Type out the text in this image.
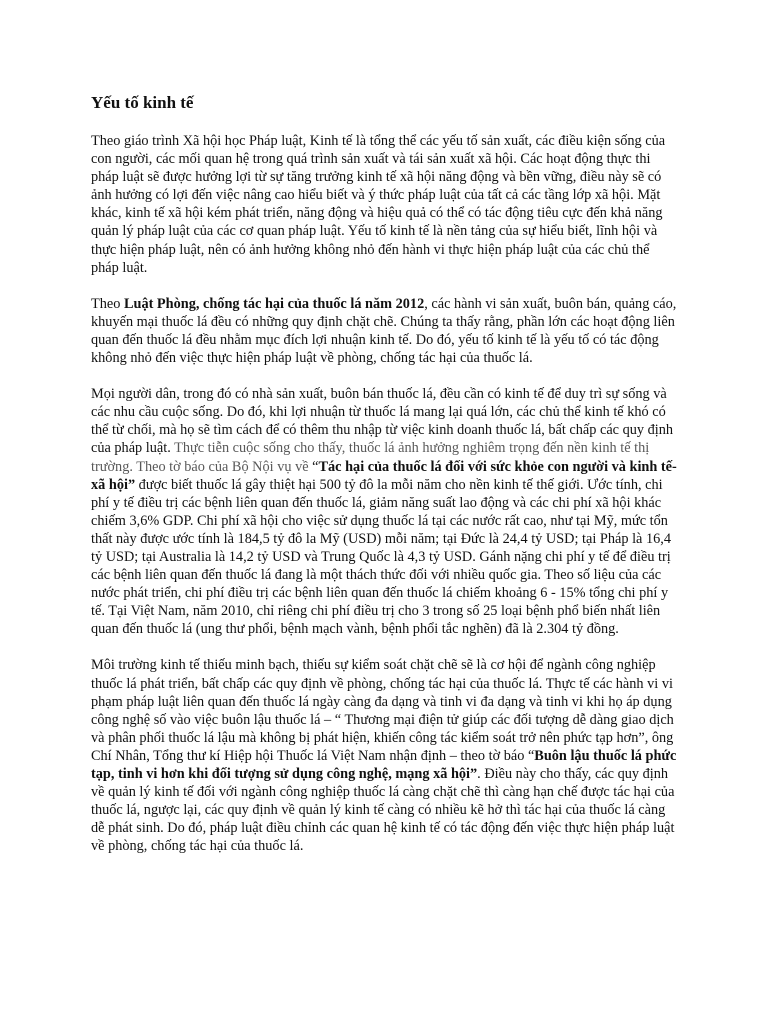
Yếu tố kinh tế

Theo giáo trình Xã hội học Pháp luật, Kinh tế là tổng thể các yếu tố sản xuất, các điều kiện sống của con người, các mối quan hệ trong quá trình sản xuất và tái sản xuất xã hội. Các hoạt động thực thi pháp luật sẽ được hưởng lợi từ sự tăng trưởng kinh tế xã hội năng động và bền vững, điều này sẽ có ảnh hưởng có lợi đến việc nâng cao hiểu biết và ý thức pháp luật của tất cả các tầng lớp xã hội. Mặt khác, kinh tế xã hội kém phát triển, năng động và hiệu quả có thể có tác động tiêu cực đến khả năng quản lý pháp luật của các cơ quan pháp luật. Yếu tố kinh tế là nền tảng của sự hiểu biết, lĩnh hội và thực hiện pháp luật, nên có ảnh hưởng không nhỏ đến hành vi thực hiện pháp luật của các chủ thể pháp luật.

Theo Luật Phòng, chống tác hại của thuốc lá năm 2012, các hành vi sản xuất, buôn bán, quảng cáo, khuyến mại thuốc lá đều có những quy định chặt chẽ. Chúng ta thấy rằng, phần lớn các hoạt động liên quan đến thuốc lá đều nhằm mục đích lợi nhuận kinh tế. Do đó, yếu tố kinh tế là yếu tố có tác động không nhỏ đến việc thực hiện pháp luật về phòng, chống tác hại của thuốc lá.

Mọi người dân, trong đó có nhà sản xuất, buôn bán thuốc lá, đều cần có kinh tế để duy trì sự sống và các nhu cầu cuộc sống. Do đó, khi lợi nhuận từ thuốc lá mang lại quá lớn, các chủ thể kinh tế khó có thể từ chối, mà họ sẽ tìm cách để có thêm thu nhập từ việc kinh doanh thuốc lá, bất chấp các quy định của pháp luật. Thực tiễn cuộc sống cho thấy, thuốc lá ảnh hưởng nghiêm trọng đến nền kinh tế thị trường. Theo tờ báo của Bộ Nội vụ về “Tác hại của thuốc lá đối với sức khỏe con người và kinh tế- xã hội” được biết thuốc lá gây thiệt hại 500 tỷ đô la mỗi năm cho nền kinh tế thế giới. Ước tính, chi phí y tế điều trị các bệnh liên quan đến thuốc lá, giảm năng suất lao động và các chi phí xã hội khác chiếm 3,6% GDP. Chi phí xã hội cho việc sử dụng thuốc lá tại các nước rất cao, như tại Mỹ, mức tổn thất này được ước tính là 184,5 tỷ đô la Mỹ (USD) mỗi năm; tại Đức là 24,4 tỷ USD; tại Pháp là 16,4 tỷ USD; tại Australia là 14,2 tỷ USD và Trung Quốc là 4,3 tỷ USD. Gánh nặng chi phí y tế để điều trị các bệnh liên quan đến thuốc lá đang là một thách thức đối với nhiều quốc gia. Theo số liệu của các nước phát triển, chi phí điều trị các bệnh liên quan đến thuốc lá chiếm khoảng 6 - 15% tổng chi phí y tế. Tại Việt Nam, năm 2010, chỉ riêng chi phí điều trị cho 3 trong số 25 loại bệnh phổ biến nhất liên quan đến thuốc lá (ung thư phổi, bệnh mạch vành, bệnh phổi tắc nghẽn) đã là 2.304 tỷ đồng.

Môi trường kinh tế thiếu minh bạch, thiếu sự kiểm soát chặt chẽ sẽ là cơ hội để ngành công nghiệp thuốc lá phát triển, bất chấp các quy định về phòng, chống tác hại của thuốc lá. Thực tế các hành vi vi phạm pháp luật liên quan đến thuốc lá ngày càng đa dạng và tinh vi đa dạng và tinh vi khi họ áp dụng công nghệ số vào việc buôn lậu thuốc lá – “ Thương mại điện tử giúp các đối tượng dễ dàng giao dịch và phân phối thuốc lá lậu mà không bị phát hiện, khiến công tác kiểm soát trở nên phức tạp hơn”, ông Chí Nhân, Tổng thư kí Hiệp hội Thuốc lá Việt Nam nhận định – theo tờ báo “Buôn lậu thuốc lá phức tạp, tinh vi hơn khi đối tượng sử dụng công nghệ, mạng xã hội”. Điều này cho thấy, các quy định về quản lý kinh tế đối với ngành công nghiệp thuốc lá càng chặt chẽ thì càng hạn chế được tác hại của thuốc lá, ngược lại, các quy định về quản lý kinh tế càng có nhiều kẽ hở thì tác hại của thuốc lá càng dễ phát sinh. Do đó, pháp luật điều chỉnh các quan hệ kinh tế có tác động đến việc thực hiện pháp luật về phòng, chống tác hại của thuốc lá.
